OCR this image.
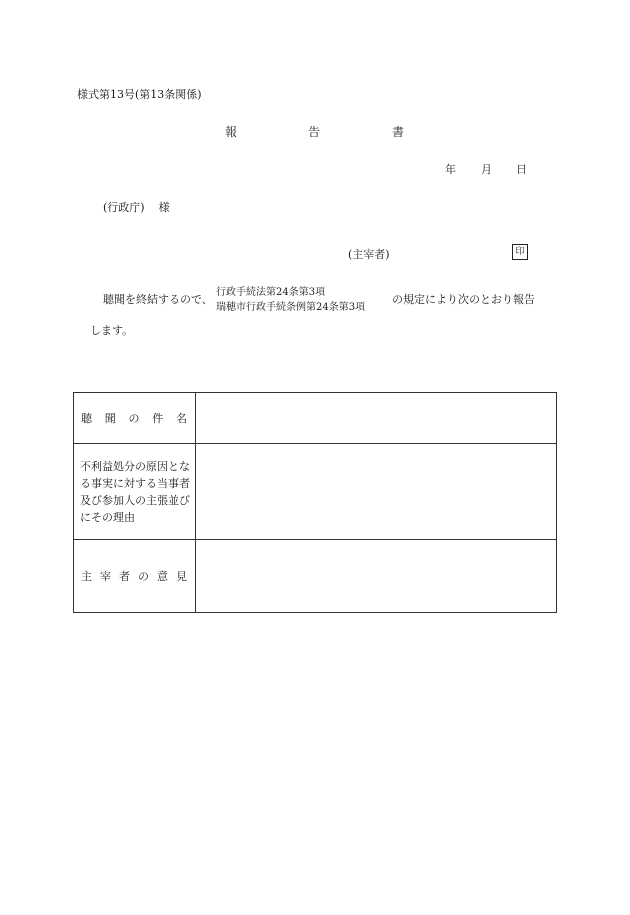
様式第13号(第13条関係)
報	告	書
年 月 日
(行政庁) 様
(主宰者)	印
聴聞を終結するので、
行政手続法第24条第3項
瑞穂市行政手続条例第24条第3項
の規定により次のとおり報告
します。
聴聞の件名	
不利益処分の原因となる事実に対する当事者及び参加人の主張並びにその理由	
主宰者の意見	
